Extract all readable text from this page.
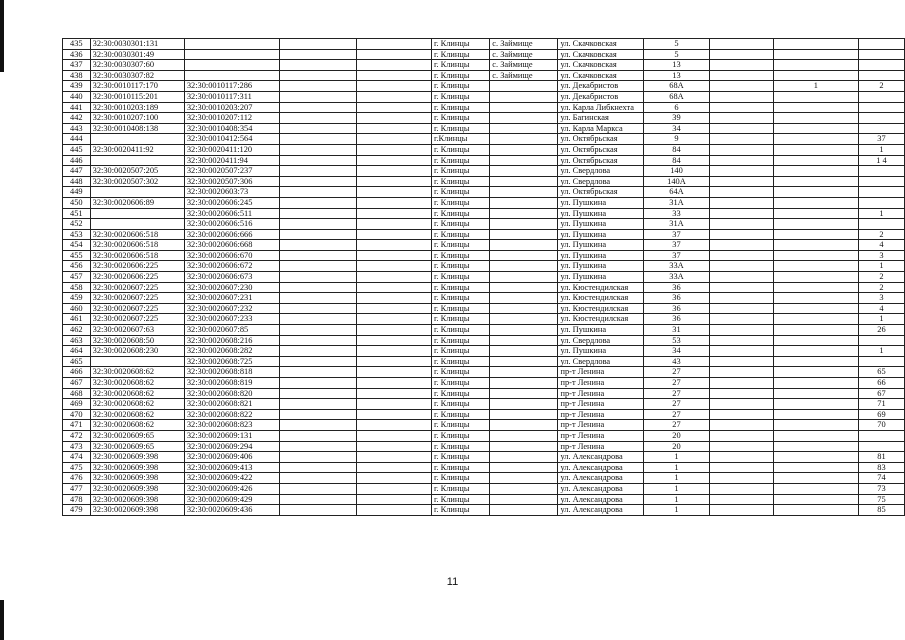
435	32:30:0030301:131				г. Клинцы	с. Займище	ул. Скачковская	5			
436	32:30:0030301:49				г. Клинцы	с. Займище	ул. Скачковская	5			
437	32:30:0030307:60				г. Клинцы	с. Займище	ул. Скачковская	13			
438	32:30:0030307:82				г. Клинцы	с. Займище	ул. Скачковская	13			
439	32:30:0010117:170	32:30:0010117:286			г. Клинцы		ул. Декабристов	68А		1	2
440	32:30:0010115:201	32:30:0010117:311			г. Клинцы		ул. Декабристов	68А			
441	32:30:0010203:189	32:30:0010203:207			г. Клинцы		ул. Карла Либкнехта	6			
442	32:30:0010207:100	32:30:0010207:112			г. Клинцы		ул. Багинская	39			
443	32:30:0010408:138	32:30:0010408:354			г. Клинцы		ул. Карла Маркса	34			
444		32:30:0010412:564			г.Клинцы		ул. Октябрьская	9			37
445	32:30:0020411:92	32:30:0020411:120			г. Клинцы		ул. Октябрьская	84			1
446		32:30:0020411:94			г. Клинцы		ул. Октябрьская	84			1 4
447	32:30:0020507:205	32:30:0020507:237			г. Клинцы		ул. Свердлова	140			
448	32:30:0020507:302	32:30:0020507:306			г. Клинцы		ул. Свердлова	140А			
449		32:30:0020603:73			г. Клинцы		ул. Октябрьская	64А			
450	32:30:0020606:89	32:30:0020606:245			г. Клинцы		ул. Пушкина	31А			
451		32:30:0020606:511			г. Клинцы		ул. Пушкина	33			1
452		32:30:0020606:516			г. Клинцы		ул. Пушкина	31А			
453	32:30:0020606:518	32:30:0020606:666			г. Клинцы		ул. Пушкина	37			2
454	32:30:0020606:518	32:30:0020606:668			г. Клинцы		ул. Пушкина	37			4
455	32:30:0020606:518	32:30:0020606:670			г. Клинцы		ул. Пушкина	37			3
456	32:30:0020606:225	32:30:0020606:672			г. Клинцы		ул. Пушкина	33А			1
457	32:30:0020606:225	32:30:0020606:673			г. Клинцы		ул. Пушкина	33А			2
458	32:30:0020607:225	32:30:0020607:230			г. Клинцы		ул. Кюстендилская	36			2
459	32:30:0020607:225	32:30:0020607:231			г. Клинцы		ул. Кюстендилская	36			3
460	32:30:0020607:225	32:30:0020607:232			г. Клинцы		ул. Кюстендилская	36			4
461	32:30:0020607:225	32:30:0020607:233			г. Клинцы		ул. Кюстендилская	36			1
462	32:30:0020607:63	32:30:0020607:85			г. Клинцы		ул. Пушкина	31			26
463	32:30:0020608:50	32:30:0020608:216			г. Клинцы		ул. Свердлова	53			
464	32:30:0020608:230	32:30:0020608:282			г. Клинцы		ул. Пушкина	34			1
465		32:30:0020608:725			г. Клинцы		ул. Свердлова	43			
466	32:30:0020608:62	32:30:0020608:818			г. Клинцы		пр-т Ленина	27			65
467	32:30:0020608:62	32:30:0020608:819			г. Клинцы		пр-т Ленина	27			66
468	32:30:0020608:62	32:30:0020608:820			г. Клинцы		пр-т Ленина	27			67
469	32:30:0020608:62	32:30:0020608:821			г. Клинцы		пр-т Ленина	27			71
470	32:30:0020608:62	32:30:0020608:822			г. Клинцы		пр-т Ленина	27			69
471	32:30:0020608:62	32:30:0020608:823			г. Клинцы		пр-т Ленина	27			70
472	32:30:0020609:65	32:30:0020609:131			г. Клинцы		пр-т Ленина	20			
473	32:30:0020609:65	32:30:0020609:294			г. Клинцы		пр-т Ленина	20			
474	32:30:0020609:398	32:30:0020609:406			г. Клинцы		ул. Александрова	1			81
475	32:30:0020609:398	32:30:0020609:413			г. Клинцы		ул. Александрова	1			83
476	32:30:0020609:398	32:30:0020609:422			г. Клинцы		ул. Александрова	1			74
477	32:30:0020609:398	32:30:0020609:426			г. Клинцы		ул. Александрова	1			73
478	32:30:0020609:398	32:30:0020609:429			г. Клинцы		ул. Александрова	1			75
479	32:30:0020609:398	32:30:0020609:436			г. Клинцы		ул. Александрова	1			85
11
